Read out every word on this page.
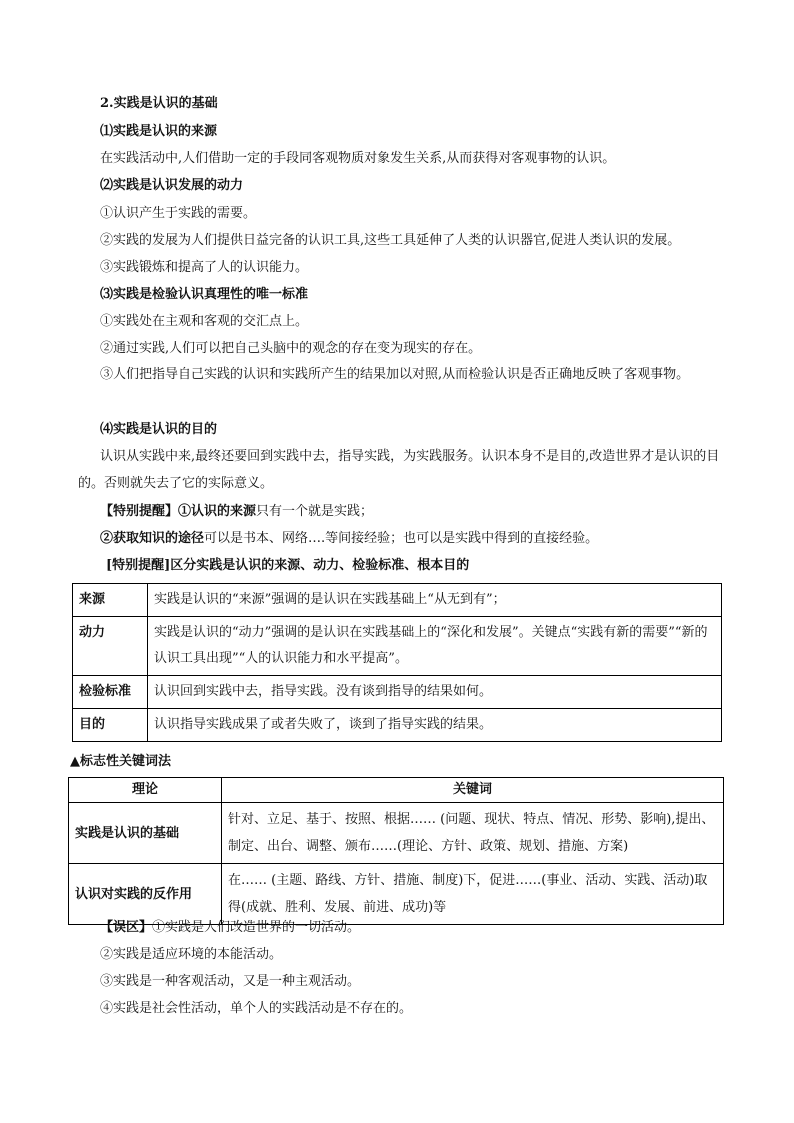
2.实践是认识的基础
⑴实践是认识的来源
在实践活动中,人们借助一定的手段同客观物质对象发生关系,从而获得对客观事物的认识。
⑵实践是认识发展的动力
①认识产生于实践的需要。
②实践的发展为人们提供日益完备的认识工具,这些工具延伸了人类的认识器官,促进人类认识的发展。
③实践锻炼和提高了人的认识能力。
⑶实践是检验认识真理性的唯一标准
①实践处在主观和客观的交汇点上。
②通过实践,人们可以把自己头脑中的观念的存在变为现实的存在。
③人们把指导自己实践的认识和实践所产生的结果加以对照,从而检验认识是否正确地反映了客观事物。
⑷实践是认识的目的
认识从实践中来,最终还要回到实践中去，指导实践，为实践服务。认识本身不是目的,改造世界才是认识的目的。否则就失去了它的实际意义。
【特别提醒】①认识的来源只有一个就是实践；
②获取知识的途径可以是书本、网络….等间接经验；也可以是实践中得到的直接经验。
[特别提醒]区分实践是认识的来源、动力、检验标准、根本目的
来源	实践是认识的“来源”强调的是认识在实践基础上“从无到有”；
动力	实践是认识的“动力”强调的是认识在实践基础上的“深化和发展”。关键点“实践有新的需要”“新的认识工具出现”“人的认识能力和水平提高”。
检验标准	认识回到实践中去，指导实践。没有谈到指导的结果如何。
目的	认识指导实践成果了或者失败了，谈到了指导实践的结果。
▲标志性关键词法
理论	关键词
实践是认识的基础	针对、立足、基于、按照、根据…… (问题、现状、特点、情况、形势、影响),提出、制定、出台、调整、颁布……(理论、方针、政策、规划、措施、方案)
认识对实践的反作用	在…… (主题、路线、方针、措施、制度)下，促进……(事业、活动、实践、活动)取得(成就、胜利、发展、前进、成功)等
【误区】①实践是人们改造世界的一切活动。
②实践是适应环境的本能活动。
③实践是一种客观活动，又是一种主观活动。
④实践是社会性活动，单个人的实践活动是不存在的。
